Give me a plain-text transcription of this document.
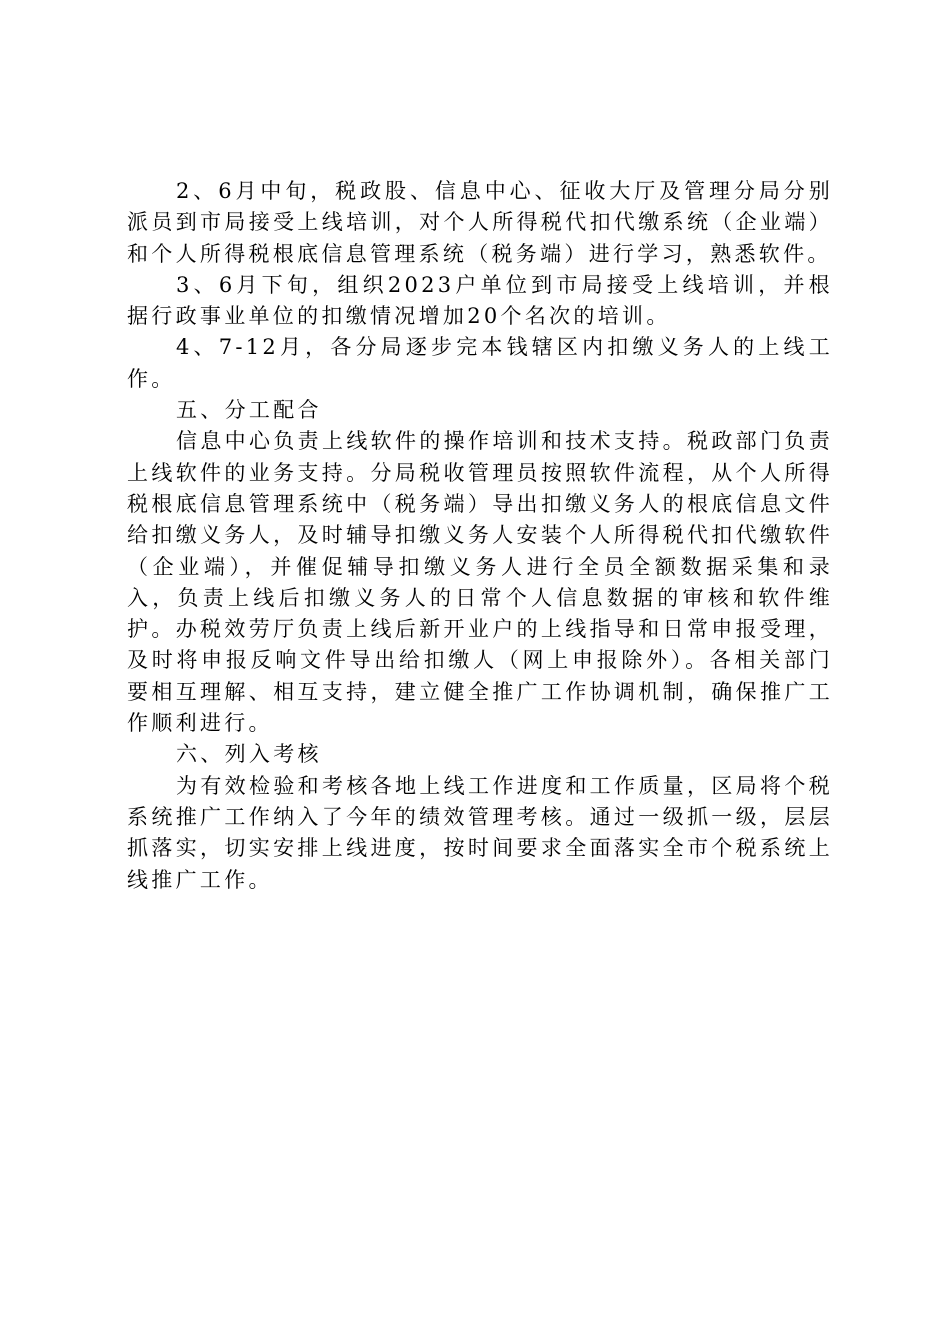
2、6月中旬，税政股、信息中心、征收大厅及管理分局分别派员到市局接受上线培训，对个人所得税代扣代缴系统（企业端）和个人所得税根底信息管理系统（税务端）进行学习，熟悉软件。

3、6月下旬，组织2023户单位到市局接受上线培训，并根据行政事业单位的扣缴情况增加20个名次的培训。

4、7-12月，各分局逐步完本钱辖区内扣缴义务人的上线工作。

五、分工配合

信息中心负责上线软件的操作培训和技术支持。税政部门负责上线软件的业务支持。分局税收管理员按照软件流程，从个人所得税根底信息管理系统中（税务端）导出扣缴义务人的根底信息文件给扣缴义务人，及时辅导扣缴义务人安装个人所得税代扣代缴软件（企业端），并催促辅导扣缴义务人进行全员全额数据采集和录入，负责上线后扣缴义务人的日常个人信息数据的审核和软件维护。办税效劳厅负责上线后新开业户的上线指导和日常申报受理，及时将申报反响文件导出给扣缴人（网上申报除外）。各相关部门要相互理解、相互支持，建立健全推广工作协调机制，确保推广工作顺利进行。

六、列入考核

为有效检验和考核各地上线工作进度和工作质量，区局将个税系统推广工作纳入了今年的绩效管理考核。通过一级抓一级，层层抓落实，切实安排上线进度，按时间要求全面落实全市个税系统上线推广工作。
